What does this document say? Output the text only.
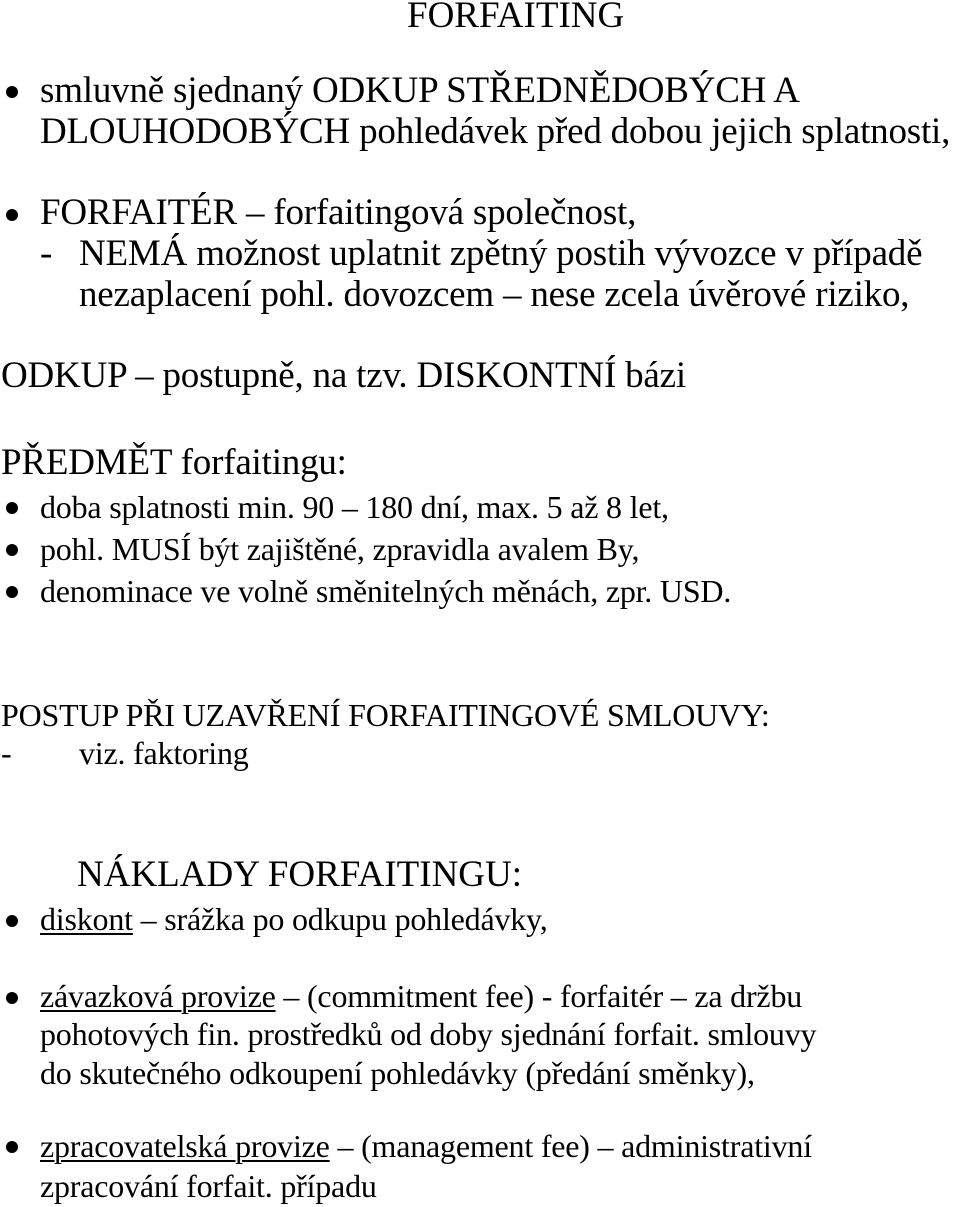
FORFAITING
smluvně sjednaný ODKUP STŘEDNĚDOBÝCH A
DLOUHODOBÝCH pohledávek před dobou jejich splatnosti,
FORFAITÉR – forfaitingová společnost,
- NEMÁ možnost uplatnit zpětný postih vývozce v případě
nezaplacení pohl. dovozcem – nese zcela úvěrové riziko,
ODKUP – postupně, na tzv. DISKONTNÍ bázi
PŘEDMĚT forfaitingu:
doba splatnosti min. 90 – 180 dní, max. 5 až 8 let,
pohl. MUSÍ být zajištěné, zpravidla avalem By,
denominace ve volně směnitelných měnách, zpr. USD.
POSTUP PŘI UZAVŘENÍ FORFAITINGOVÉ SMLOUVY:
- viz. faktoring
NÁKLADY FORFAITINGU:
diskont – srážka po odkupu pohledávky,
závazková provize – (commitment fee) - forfaitér – za držbu
pohotových fin. prostředků od doby sjednání forfait. smlouvy
do skutečného odkoupení pohledávky (předání směnky),
zpracovatelská provize – (management fee) – administrativní
zpracování forfait. případu
